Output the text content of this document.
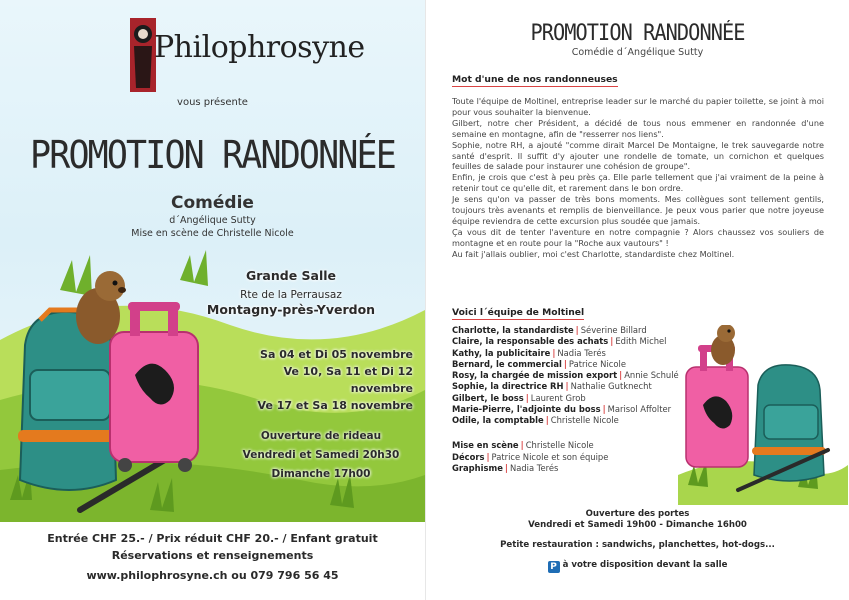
Philophrosyne
vous présente
PROMOTION RANDONNÉE
Comédie
d´Angélique Sutty
Mise en scène de Christelle Nicole
Grande Salle
Rte de la Perrausaz
Montagny-près-Yverdon
Sa 04 et Di 05 novembre
Ve 10, Sa 11 et Di 12 novembre
Ve 17 et Sa 18 novembre
Ouverture de rideau
Vendredi et Samedi 20h30
Dimanche 17h00
Entrée CHF 25.- / Prix réduit CHF 20.- / Enfant gratuit
Réservations et renseignements
www.philophrosyne.ch ou 079 796 56 45
PROMOTION RANDONNÉE
Comédie d´Angélique Sutty
Mot d'une de nos randonneuses

Toute l'équipe de Moltinel, entreprise leader sur le marché du papier toilette, se joint à moi pour vous souhaiter la bienvenue.

Gilbert, notre cher Président, a décidé de tous nous emmener en randonnée d'une semaine en montagne, afin de "resserrer nos liens".

Sophie, notre RH, a ajouté "comme dirait Marcel De Montaigne, le trek sauvegarde notre santé d'esprit. Il suffit d'y ajouter une rondelle de tomate, un cornichon et quelques feuilles de salade pour instaurer une cohésion de groupe".

Enfin, je crois que c'est à peu près ça. Elle parle tellement que j'ai vraiment de la peine à retenir tout ce qu'elle dit, et rarement dans le bon ordre.

Je sens qu'on va passer de très bons moments. Mes collègues sont tellement gentils, toujours très avenants et remplis de bienveillance. Je peux vous parier que notre joyeuse équipe reviendra de cette excursion plus soudée que jamais.

Ça vous dit de tenter l'aventure en notre compagnie ? Alors chaussez vos souliers de montagne et en route pour la "Roche aux vautours" !

Au fait j'allais oublier, moi c'est Charlotte, standardiste chez Moltinel.

Voici l´équipe de Moltinel
Charlotte, la standardiste | Séverine Billard
Claire, la responsable des achats | Edith Michel
Kathy, la publicitaire | Nadia Terés
Bernard, le commercial | Patrice Nicole
Rosy, la chargée de mission export | Annie Schulé
Sophie, la directrice RH | Nathalie Gutknecht
Gilbert, le boss | Laurent Grob
Marie-Pierre, l'adjointe du boss | Marisol Affolter
Odile, la comptable | Christelle Nicole
Mise en scène | Christelle Nicole
Décors | Patrice Nicole et son équipe
Graphisme | Nadia Terés
Ouverture des portes
Vendredi et Samedi 19h00 - Dimanche 16h00
Petite restauration : sandwichs, planchettes, hot-dogs...
P à votre disposition devant la salle
